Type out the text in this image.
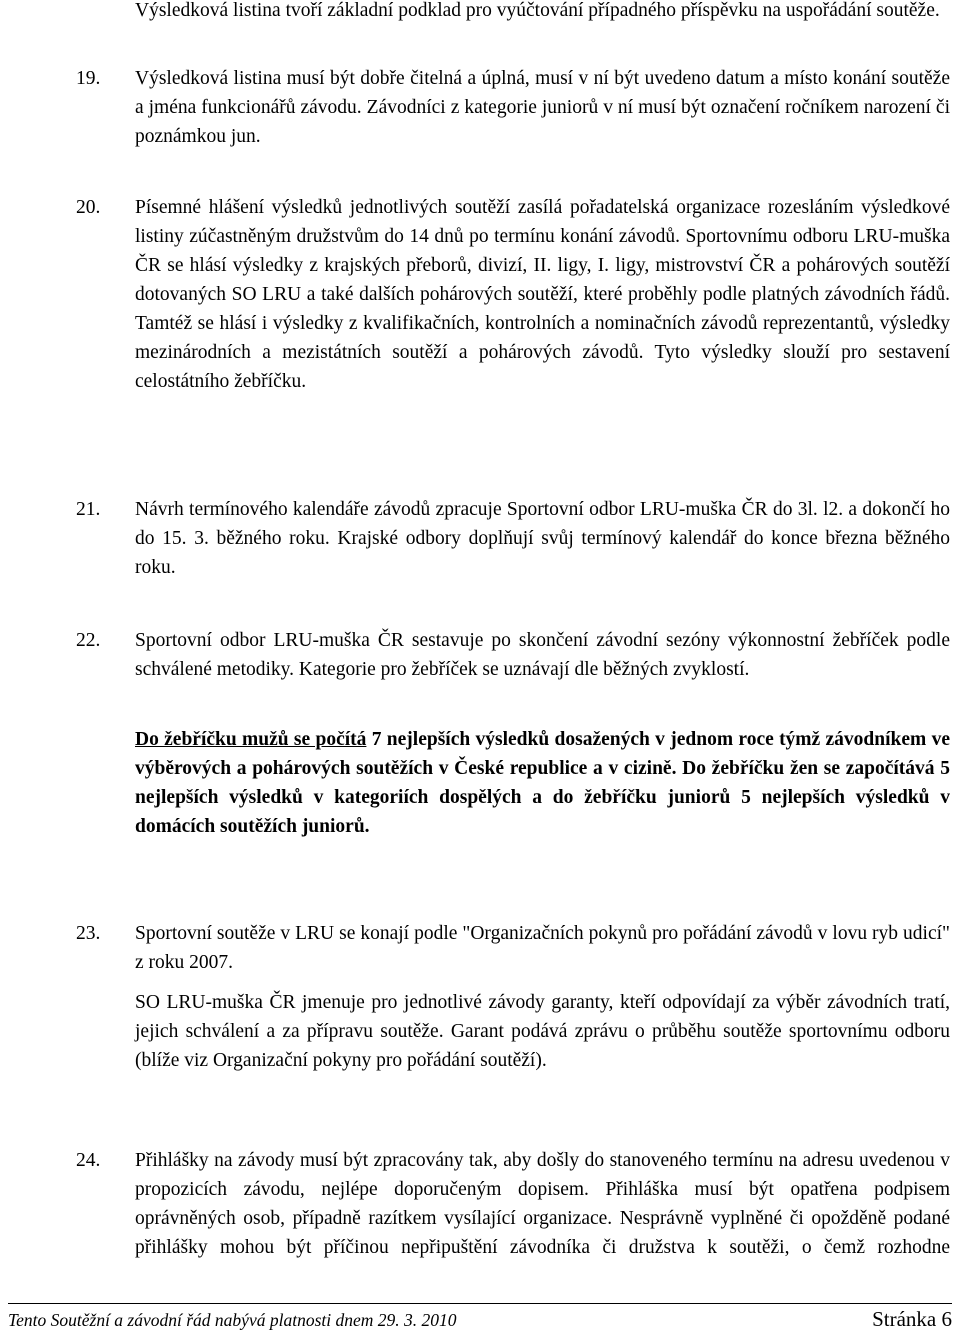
Výsledková listina tvoří základní podklad pro vyúčtování případného příspěvku na uspořádání soutěže.

19.	Výsledková listina musí být dobře čitelná a úplná, musí v ní být uvedeno datum a místo konání soutěže a jména funkcionářů závodu. Závodníci z kategorie juniorů v ní musí být označení ročníkem narození či poznámkou jun.

20.	Písemné hlášení výsledků jednotlivých soutěží zasílá pořadatelská organizace rozesláním výsledkové listiny zúčastněným družstvům do 14 dnů po termínu konání závodů. Sportovnímu odboru LRU-muška ČR se hlásí výsledky z krajských přeborů, divizí, II. ligy, I. ligy, mistrovství ČR a pohárových soutěží dotovaných SO LRU a také dalších pohárových soutěží, které proběhly podle platných závodních řádů. Tamtéž se hlásí i výsledky z kvalifikačních, kontrolních a nominačních závodů reprezentantů, výsledky mezinárodních a mezistátních soutěží a pohárových závodů. Tyto výsledky slouží pro sestavení celostátního žebříčku.

21.	Návrh termínového kalendáře závodů zpracuje Sportovní odbor LRU-muška ČR do 3l. l2. a dokončí ho do 15. 3. běžného roku. Krajské odbory doplňují svůj termínový kalendář do konce března běžného roku.

22.	Sportovní odbor LRU-muška ČR sestavuje po skončení závodní sezóny výkonnostní žebříček podle schválené metodiky. Kategorie pro žebříček se uznávají dle běžných zvyklostí.

Do žebříčku mužů se počítá 7 nejlepších výsledků dosažených v jednom roce týmž závodníkem ve výběrových a pohárových soutěžích v České republice a v cizině. Do žebříčku žen se započítává 5 nejlepších výsledků v kategoriích dospělých a do žebříčku juniorů 5 nejlepších výsledků v domácích soutěžích juniorů.

23.	Sportovní soutěže v LRU se konají podle "Organizačních pokynů pro pořádání závodů v lovu ryb udicí" z roku 2007.

SO LRU-muška ČR jmenuje pro jednotlivé závody garanty, kteří odpovídají za výběr závodních tratí, jejich schválení a za přípravu soutěže. Garant podává zprávu o průběhu soutěže sportovnímu odboru (blíže viz Organizační pokyny pro pořádání soutěží).

24.	Přihlášky na závody musí být zpracovány tak, aby došly do stanoveného termínu na adresu uvedenou v propozicích závodu, nejlépe doporučeným dopisem. Přihláška musí být opatřena podpisem oprávněných osob, případně razítkem vysílající organizace. Nesprávně vyplněné či opožděně podané přihlášky mohou být příčinou nepřipuštění závodníka či družstva k soutěži, o čemž rozhodne

Tento Soutěžní a závodní řád nabývá platnosti dnem 29. 3. 2010	Stránka 6
